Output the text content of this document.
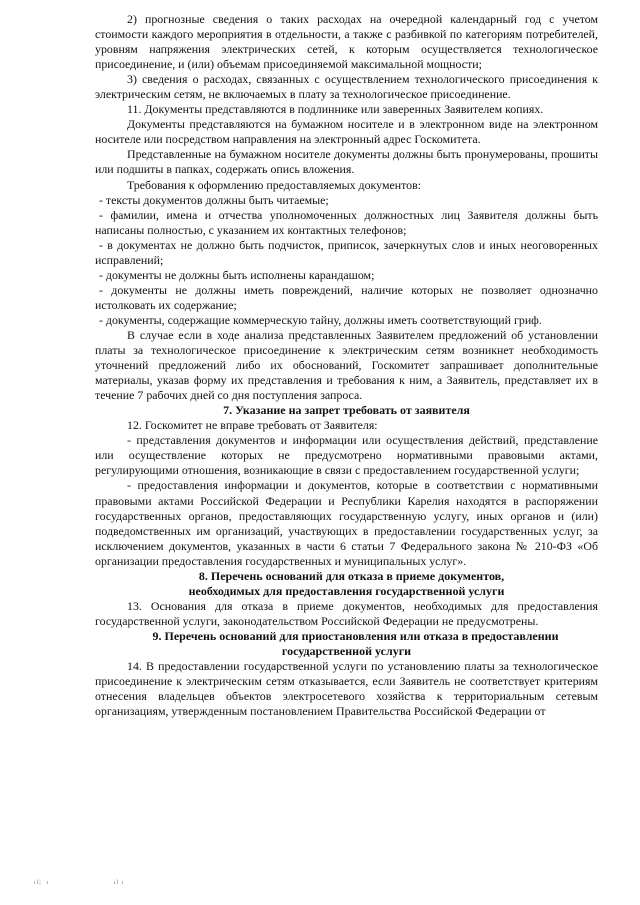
2) прогнозные сведения о таких расходах на очередной календарный год с учетом стоимости каждого мероприятия в отдельности, а также с разбивкой по категориям потребителей, уровням напряжения электрических сетей, к которым осуществляется технологическое присоединение, и (или) объемам присоединяемой максимальной мощности;

3) сведения о расходах, связанных с осуществлением технологического присоединения к электрическим сетям, не включаемых в плату за технологическое присоединение.

11. Документы представляются в подлиннике или заверенных Заявителем копиях.

Документы представляются на бумажном носителе и в электронном виде на электронном носителе или посредством направления на электронный адрес Госкомитета.

Представленные на бумажном носителе документы должны быть пронумерованы, прошиты или подшиты в папках, содержать опись вложения.

Требования к оформлению предоставляемых документов:

- тексты документов должны быть читаемые;

- фамилии, имена и отчества уполномоченных должностных лиц Заявителя должны быть написаны полностью, с указанием их контактных телефонов;

- в документах не должно быть подчисток, приписок, зачеркнутых слов и иных неоговоренных исправлений;

- документы не должны быть исполнены карандашом;

- документы не должны иметь повреждений, наличие которых не позволяет однозначно истолковать их содержание;

- документы, содержащие коммерческую тайну, должны иметь соответствующий гриф.

В случае если в ходе анализа представленных Заявителем предложений об установлении платы за технологическое присоединение к электрическим сетям возникнет необходимость уточнений предложений либо их обоснований, Госкомитет запрашивает дополнительные материалы, указав форму их представления и требования к ним, а Заявитель, представляет их в течение 7 рабочих дней со дня поступления запроса.

7. Указание на запрет требовать от заявителя

12. Госкомитет не вправе требовать от Заявителя:

- представления документов и информации или осуществления действий, представление или осуществление которых не предусмотрено нормативными правовыми актами, регулирующими отношения, возникающие в связи с предоставлением государственной услуги;

- предоставления информации и документов, которые в соответствии с нормативными правовыми актами Российской Федерации и Республики Карелия находятся в распоряжении государственных органов, предоставляющих государственную услугу, иных органов и (или) подведомственных им организаций, участвующих в предоставлении государственных услуг, за исключением документов, указанных в части 6 статьи 7 Федерального закона № 210-ФЗ «Об организации предоставления государственных и муниципальных услуг».

8. Перечень оснований для отказа в приеме документов,
необходимых для предоставления государственной услуги

13. Основания для отказа в приеме документов, необходимых для предоставления государственной услуги, законодательством Российской Федерации не предусмотрены.

9. Перечень оснований для приостановления или отказа в предоставлении
государственной услуги

14. В предоставлении государственной услуги по установлению платы за технологическое присоединение к электрическим сетям отказывается, если Заявитель не соответствует критериям отнесения владельцев объектов электросетевого хозяйства к территориальным сетевым организациям, утвержденным постановлением Правительства Российской Федерации от

ıl|  ı	ıl ı
